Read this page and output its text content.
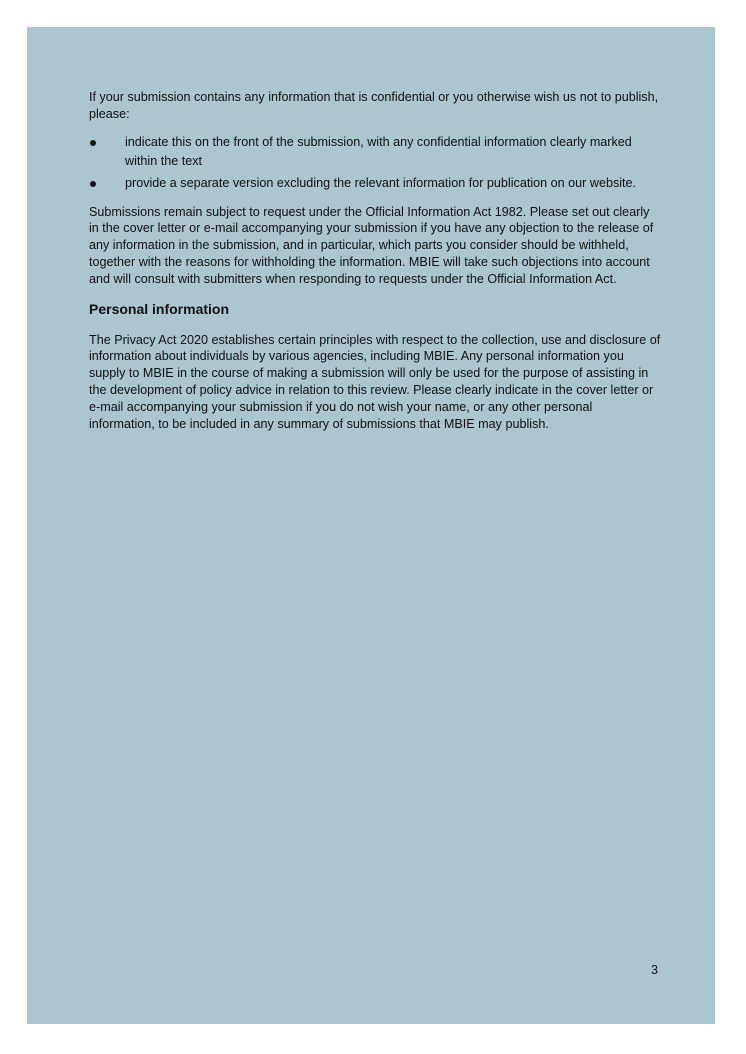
If your submission contains any information that is confidential or you otherwise wish us not to publish, please:

indicate this on the front of the submission, with any confidential information clearly marked within the text
provide a separate version excluding the relevant information for publication on our website.

Submissions remain subject to request under the Official Information Act 1982. Please set out clearly in the cover letter or e-mail accompanying your submission if you have any objection to the release of any information in the submission, and in particular, which parts you consider should be withheld, together with the reasons for withholding the information. MBIE will take such objections into account and will consult with submitters when responding to requests under the Official Information Act.

Personal information

The Privacy Act 2020 establishes certain principles with respect to the collection, use and disclosure of information about individuals by various agencies, including MBIE. Any personal information you supply to MBIE in the course of making a submission will only be used for the purpose of assisting in the development of policy advice in relation to this review. Please clearly indicate in the cover letter or e-mail accompanying your submission if you do not wish your name, or any other personal information, to be included in any summary of submissions that MBIE may publish.

3
